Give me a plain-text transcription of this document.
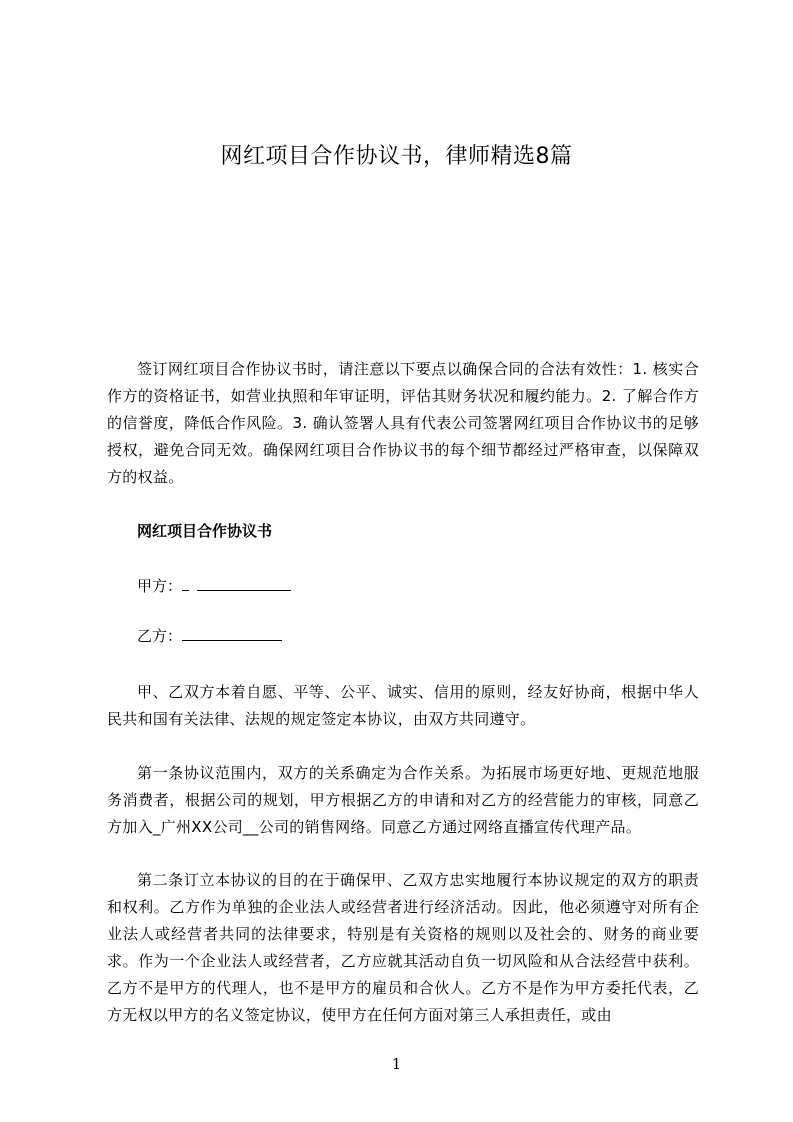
网红项目合作协议书，律师精选8篇

签订网红项目合作协议书时，请注意以下要点以确保合同的合法有效性：1. 核实合作方的资格证书，如营业执照和年审证明，评估其财务状况和履约能力。2. 了解合作方的信誉度，降低合作风险。3. 确认签署人具有代表公司签署网红项目合作协议书的足够授权，避免合同无效。确保网红项目合作协议书的每个细节都经过严格审查，以保障双方的权益。

网红项目合作协议书
甲方：
乙方：

甲、乙双方本着自愿、平等、公平、诚实、信用的原则，经友好协商，根据中华人民共和国有关法律、法规的规定签定本协议，由双方共同遵守。

第一条协议范围内，双方的关系确定为合作关系。为拓展市场更好地、更规范地服务消费者，根据公司的规划，甲方根据乙方的申请和对乙方的经营能力的审核，同意乙方加入_广州XX公司__公司的销售网络。同意乙方通过网络直播宣传代理产品。

第二条订立本协议的目的在于确保甲、乙双方忠实地履行本协议规定的双方的职责和权利。乙方作为单独的企业法人或经营者进行经济活动。因此，他必须遵守对所有企业法人或经营者共同的法律要求，特别是有关资格的规则以及社会的、财务的商业要求。作为一个企业法人或经营者，乙方应就其活动自负一切风险和从合法经营中获利。乙方不是甲方的代理人，也不是甲方的雇员和合伙人。乙方不是作为甲方委托代表，乙方无权以甲方的名义签定协议，使甲方在任何方面对第三人承担责任，或由

1
